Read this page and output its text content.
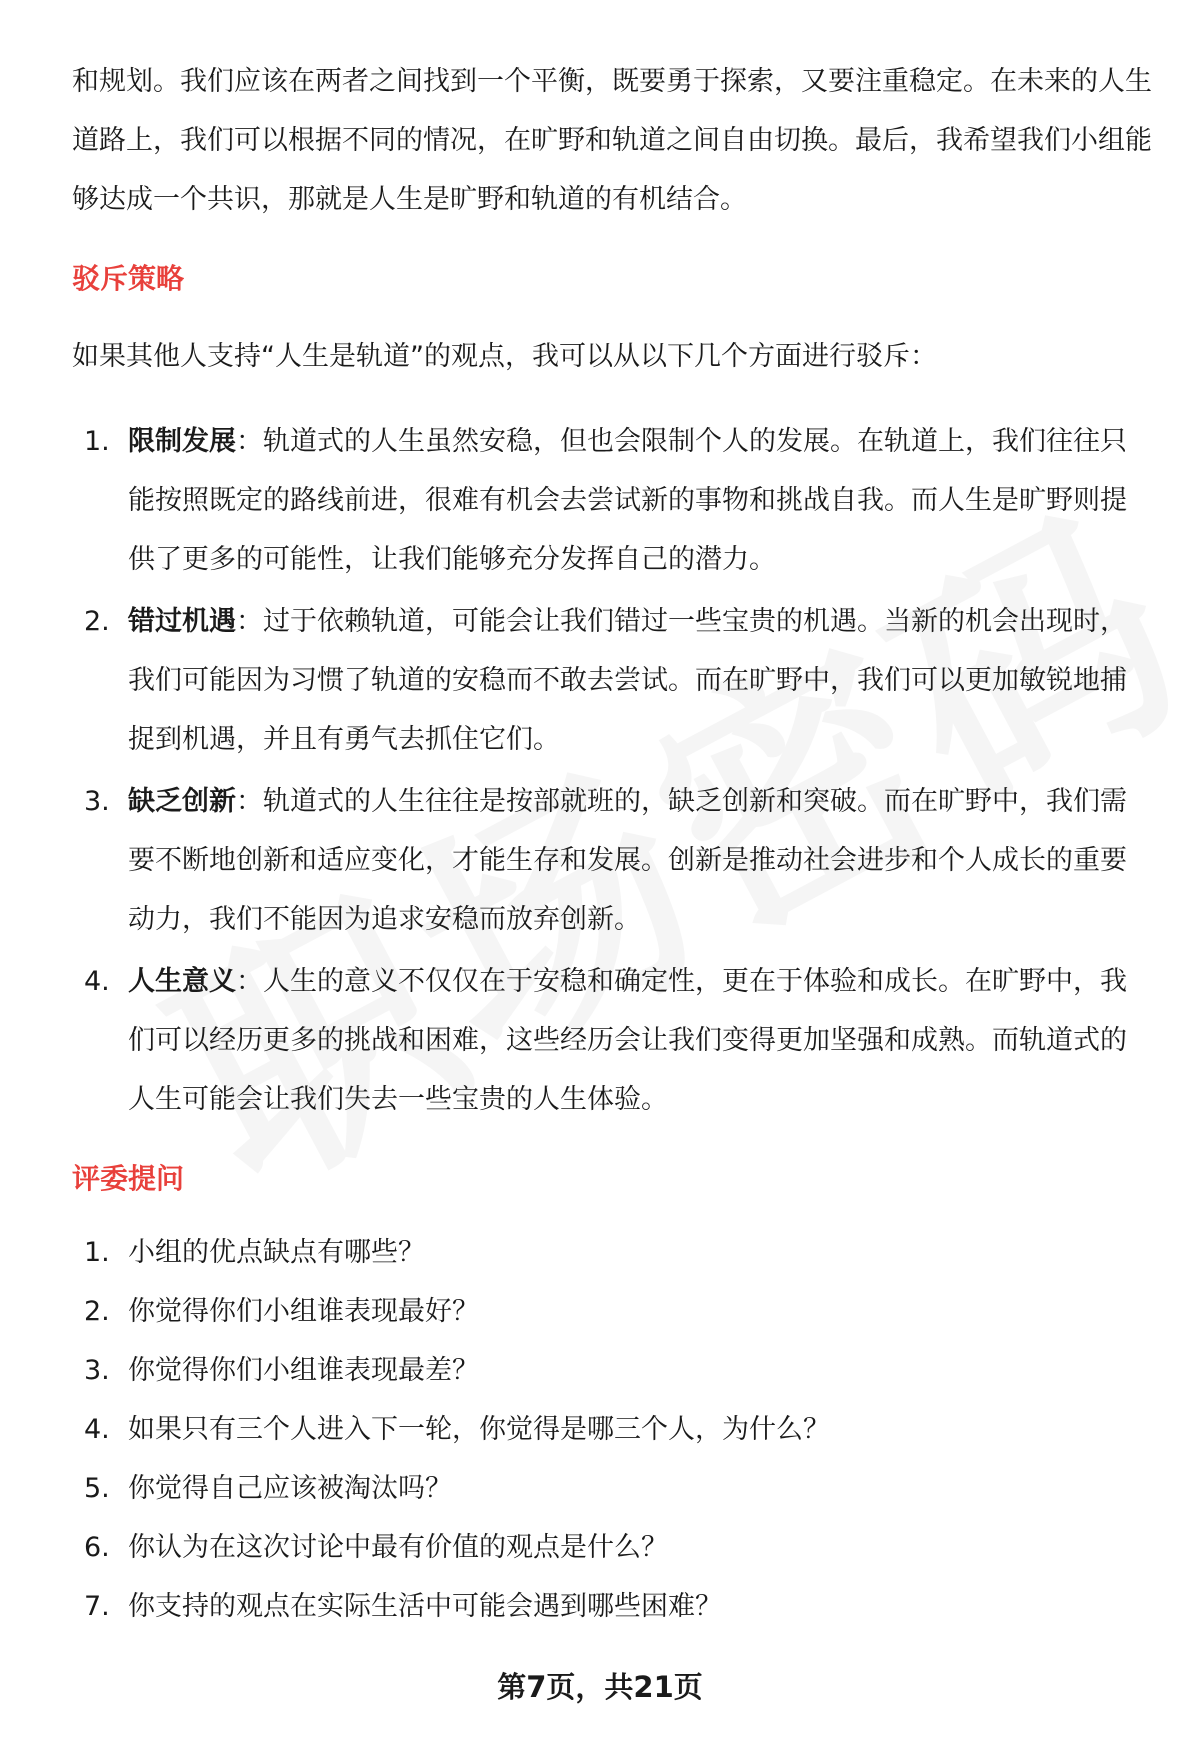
和规划。我们应该在两者之间找到一个平衡，既要勇于探索，又要注重稳定。在未来的人生道路上，我们可以根据不同的情况，在旷野和轨道之间自由切换。最后，我希望我们小组能够达成一个共识，那就是人生是旷野和轨道的有机结合。

驳斥策略

如果其他人支持“人生是轨道”的观点，我可以从以下几个方面进行驳斥：

1. 限制发展：轨道式的人生虽然安稳，但也会限制个人的发展。在轨道上，我们往往只能按照既定的路线前进，很难有机会去尝试新的事物和挑战自我。而人生是旷野则提供了更多的可能性，让我们能够充分发挥自己的潜力。
2. 错过机遇：过于依赖轨道，可能会让我们错过一些宝贵的机遇。当新的机会出现时，我们可能因为习惯了轨道的安稳而不敢去尝试。而在旷野中，我们可以更加敏锐地捕捉到机遇，并且有勇气去抓住它们。
3. 缺乏创新：轨道式的人生往往是按部就班的，缺乏创新和突破。而在旷野中，我们需要不断地创新和适应变化，才能生存和发展。创新是推动社会进步和个人成长的重要动力，我们不能因为追求安稳而放弃创新。
4. 人生意义：人生的意义不仅仅在于安稳和确定性，更在于体验和成长。在旷野中，我们可以经历更多的挑战和困难，这些经历会让我们变得更加坚强和成熟。而轨道式的人生可能会让我们失去一些宝贵的人生体验。
评委提问
1. 小组的优点缺点有哪些？
2. 你觉得你们小组谁表现最好？
3. 你觉得你们小组谁表现最差？
4. 如果只有三个人进入下一轮，你觉得是哪三个人，为什么？
5. 你觉得自己应该被淘汰吗？
6. 你认为在这次讨论中最有价值的观点是什么？
7. 你支持的观点在实际生活中可能会遇到哪些困难？
第7页，共21页
